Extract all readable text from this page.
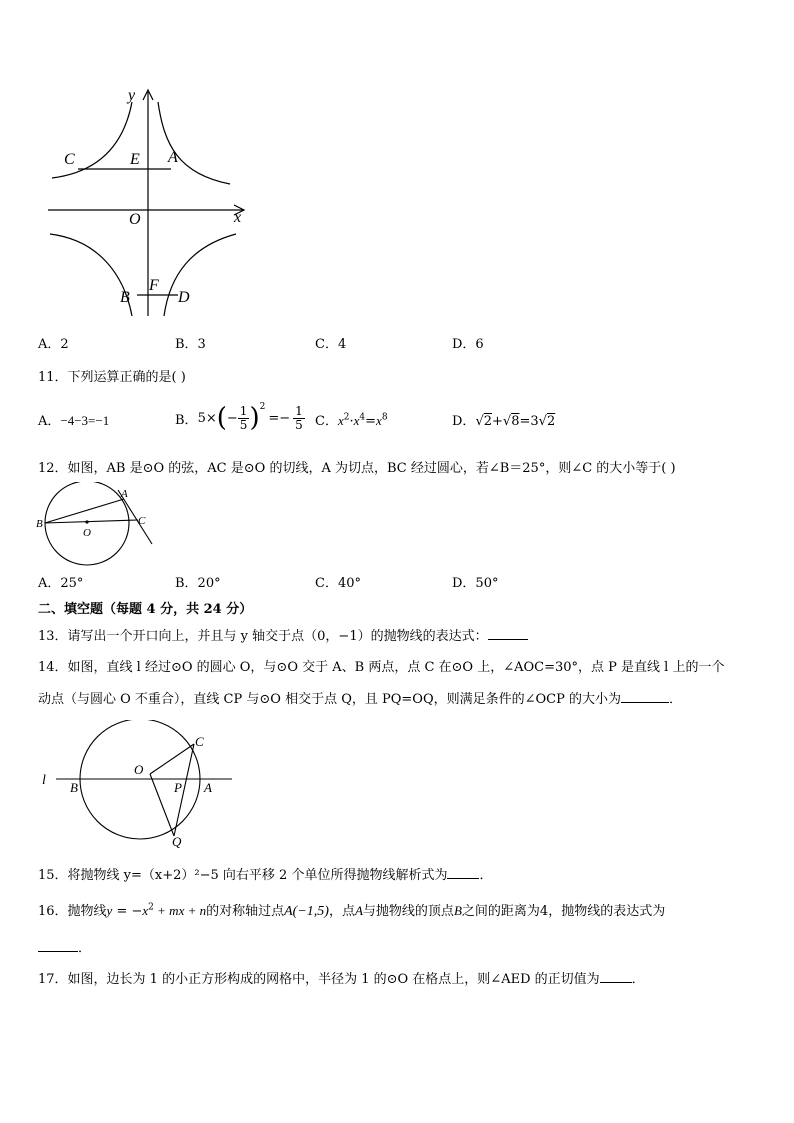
y
x
C	E A
O
B
F
D
A．2	B．3	C．4	D．6
11．下列运算正确的是( )
A．−4−3=−1	B． 5× ( − $\frac{1}{5} )^2$
=− $\frac{1}{5}$ C．$x^2\cdot x^4=x^8$	D．√2+√8=3√2
12．如图，AB 是⊙O 的弦，AC 是⊙O 的切线，A 为切点，BC 经过圆心，若∠B＝25°，则∠C 的大小等于( )
A
B	C
O
A．25°	B．20°	C．40°	D．50°
二、填空题（每题 4 分，共 24 分）
13．请写出一个开口向上，并且与 y 轴交于点（0，−1）的抛物线的表达式：
14．如图，直线 l 经过⊙O 的圆心 O，与⊙O 交于 A、B 两点，点 C 在⊙O 上，∠AOC=30°，点 P 是直线 l 上的一个
动点（与圆心 O 不重合），直线 CP 与⊙O 相交于点 Q，且 PQ=OQ，则满足条件的∠OCP 的大小为	．
l
O
C
B	P A
Q
15．将抛物线 y=（x+2）²−5 向右平移 2 个单位所得抛物线解析式为 ．
16．抛物线$y = -x^2$ + mx + n的对称轴过点A(−1,5)，点A与抛物线的顶点B之间的距离为4，抛物线的表达式为
．
17．如图，边长为 1 的小正方形构成的网格中，半径为 1 的⊙O 在格点上，则∠AED 的正切值为 ．
